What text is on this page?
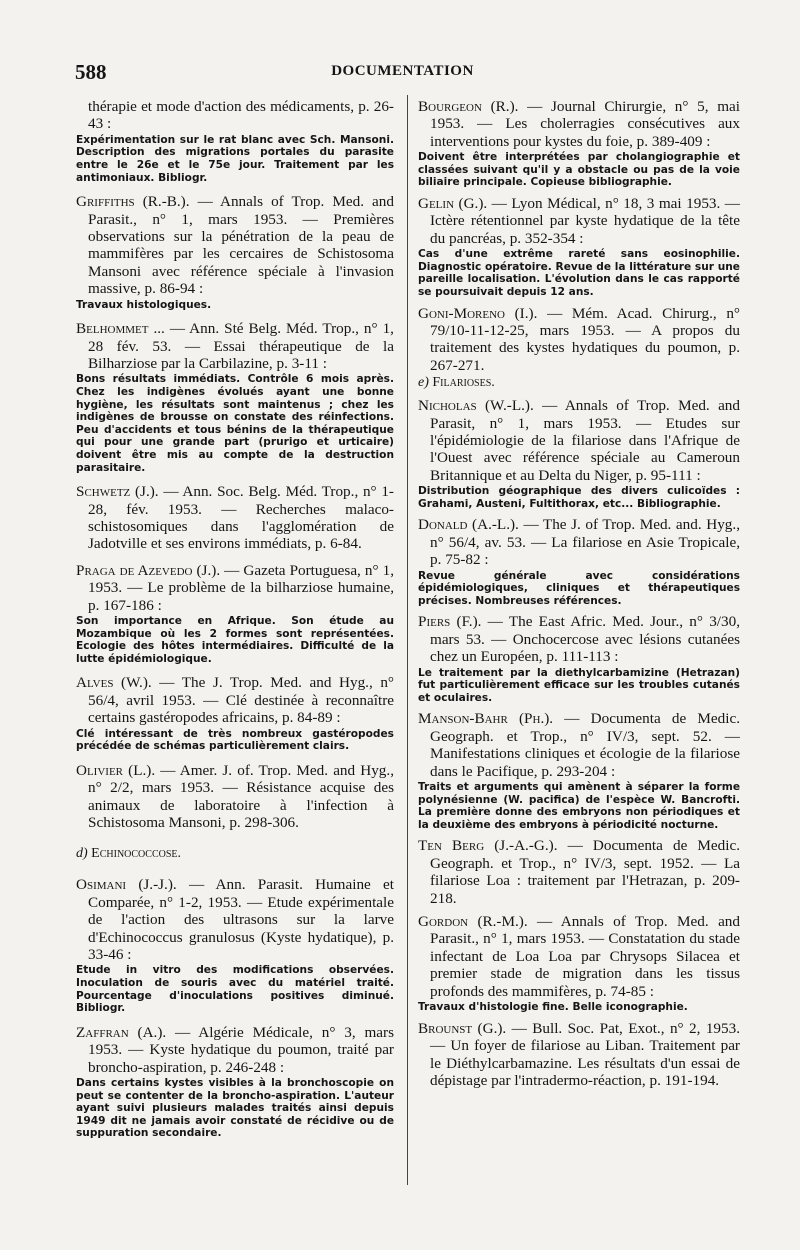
588	DOCUMENTATION

thérapie et mode d'action des médicaments, p. 26-43 :

Expérimentation sur le rat blanc avec Sch. Mansoni. Description des migrations portales du parasite entre le 26e et le 75e jour. Traitement par les antimoniaux. Bibliogr.

Griffiths (R.-B.). — Annals of Trop. Med. and Parasit., n° 1, mars 1953. — Premières observations sur la pénétration de la peau de mammifères par les cercaires de Schistosoma Mansoni avec référence spéciale à l'invasion massive, p. 86-94 :

Travaux histologiques.

Belhommet ... — Ann. Sté Belg. Méd. Trop., n° 1, 28 fév. 53. — Essai thérapeutique de la Bilharziose par la Carbilazine, p. 3-11 :

Bons résultats immédiats. Contrôle 6 mois après. Chez les indigènes évolués ayant une bonne hygiène, les résultats sont maintenus ; chez les indigènes de brousse on constate des réinfections. Peu d'accidents et tous bénins de la thérapeutique qui pour une grande part (prurigo et urticaire) doivent être mis au compte de la destruction parasitaire.

Schwetz (J.). — Ann. Soc. Belg. Méd. Trop., n° 1-28, fév. 1953. — Recherches malaco-schistosomiques dans l'agglomération de Jadotville et ses environs immédiats, p. 6-84.

Praga de Azevedo (J.). — Gazeta Portuguesa, n° 1, 1953. — Le problème de la bilharziose humaine, p. 167-186 :

Son importance en Afrique. Son étude au Mozambique où les 2 formes sont représentées. Ecologie des hôtes intermédiaires. Difficulté de la lutte épidémiologique.

Alves (W.). — The J. Trop. Med. and Hyg., n° 56/4, avril 1953. — Clé destinée à reconnaître certains gastéropodes africains, p. 84-89 :

Clé intéressant de très nombreux gastéropodes précédée de schémas particulièrement clairs.

Olivier (L.). — Amer. J. of. Trop. Med. and Hyg., n° 2/2, mars 1953. — Résistance acquise des animaux de laboratoire à l'infection à Schistosoma Mansoni, p. 298-306.

d) Echinococcose.

Osimani (J.-J.). — Ann. Parasit. Humaine et Comparée, n° 1-2, 1953. — Etude expérimentale de l'action des ultrasons sur la larve d'Echinococcus granulosus (Kyste hydatique), p. 33-46 :

Etude in vitro des modifications observées. Inoculation de souris avec du matériel traité. Pourcentage d'inoculations positives diminué. Bibliogr.

Zaffran (A.). — Algérie Médicale, n° 3, mars 1953. — Kyste hydatique du poumon, traité par broncho-aspiration, p. 246-248 :

Dans certains kystes visibles à la bronchoscopie on peut se contenter de la broncho-aspiration. L'auteur ayant suivi plusieurs malades traités ainsi depuis 1949 dit ne jamais avoir constaté de récidive ou de suppuration secondaire.

Bourgeon (R.). — Journal Chirurgie, n° 5, mai 1953. — Les cholerragies consécutives aux interventions pour kystes du foie, p. 389-409 :

Doivent être interprétées par cholangiographie et classées suivant qu'il y a obstacle ou pas de la voie biliaire principale. Copieuse bibliographie.

Gelin (G.). — Lyon Médical, n° 18, 3 mai 1953. — Ictère rétentionnel par kyste hydatique de la tête du pancréas, p. 352-354 :

Cas d'une extrême rareté sans eosinophilie. Diagnostic opératoire. Revue de la littérature sur une pareille localisation. L'évolution dans le cas rapporté se poursuivait depuis 12 ans.

Goni-Moreno (I.). — Mém. Acad. Chirurg., n° 79/10-11-12-25, mars 1953. — A propos du traitement des kystes hydatiques du poumon, p. 267-271.

e) Filarioses.

Nicholas (W.-L.). — Annals of Trop. Med. and Parasit, n° 1, mars 1953. — Etudes sur l'épidémiologie de la filariose dans l'Afrique de l'Ouest avec référence spéciale au Cameroun Britannique et au Delta du Niger, p. 95-111 :

Distribution géographique des divers culicoïdes : Grahami, Austeni, Fultithorax, etc... Bibliographie.

Donald (A.-L.). — The J. of Trop. Med. and. Hyg., n° 56/4, av. 53. — La filariose en Asie Tropicale, p. 75-82 :

Revue générale avec considérations épidémiologiques, cliniques et thérapeutiques précises. Nombreuses références.

Piers (F.). — The East Afric. Med. Jour., n° 3/30, mars 53. — Onchocercose avec lésions cutanées chez un Européen, p. 111-113 :

Le traitement par la diethylcarbamizine (Hetrazan) fut particulièrement efficace sur les troubles cutanés et oculaires.

Manson-Bahr (Ph.). — Documenta de Medic. Geograph. et Trop., n° IV/3, sept. 52. — Manifestations cliniques et écologie de la filariose dans le Pacifique, p. 293-204 :

Traits et arguments qui amènent à séparer la forme polynésienne (W. pacifica) de l'espèce W. Bancrofti. La première donne des embryons non périodiques et la deuxième des embryons à périodicité nocturne.

Ten Berg (J.-A.-G.). — Documenta de Medic. Geograph. et Trop., n° IV/3, sept. 1952. — La filariose Loa : traitement par l'Hetrazan, p. 209-218.

Gordon (R.-M.). — Annals of Trop. Med. and Parasit., n° 1, mars 1953. — Constatation du stade infectant de Loa Loa par Chrysops Silacea et premier stade de migration dans les tissus profonds des mammifères, p. 74-85 :

Travaux d'histologie fine. Belle iconographie.

Brounst (G.). — Bull. Soc. Pat, Exot., n° 2, 1953. — Un foyer de filariose au Liban. Traitement par le Diéthylcarbamazine. Les résultats d'un essai de dépistage par l'intradermo-réaction, p. 191-194.
